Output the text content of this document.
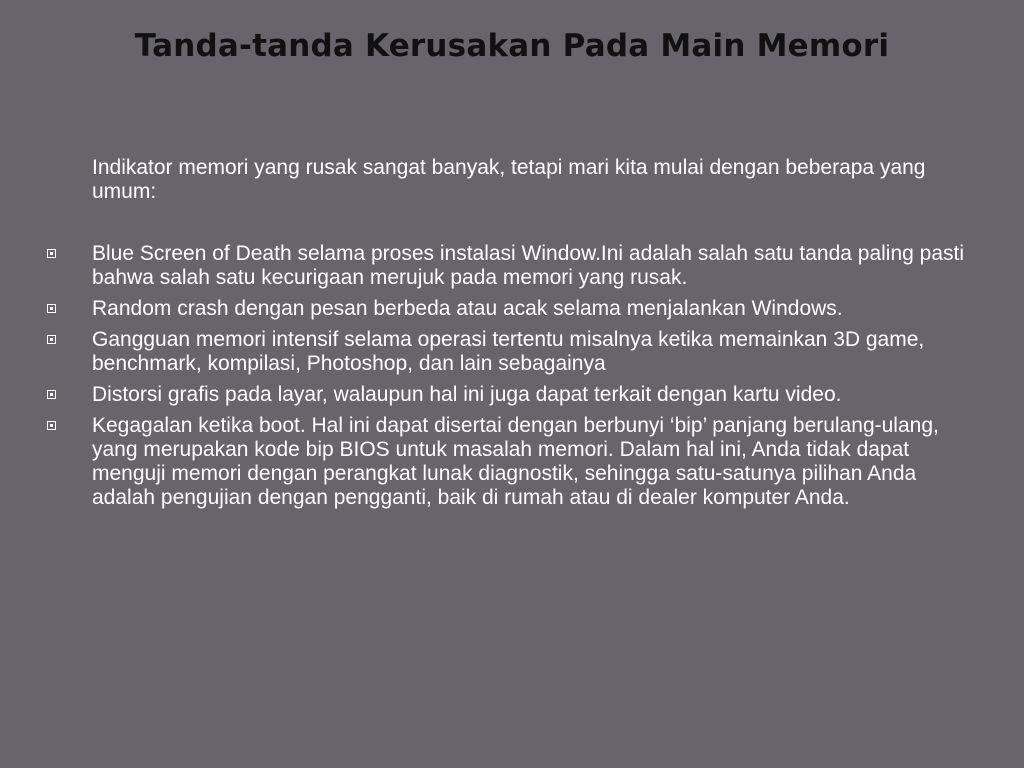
Tanda-tanda Kerusakan Pada Main Memori

Indikator memori yang rusak sangat banyak, tetapi mari kita mulai dengan beberapa yang umum:

Blue Screen of Death selama proses instalasi Window.Ini adalah salah satu tanda paling pasti bahwa salah satu kecurigaan merujuk pada memori yang rusak.
Random crash dengan pesan berbeda atau acak selama menjalankan Windows.
Gangguan memori intensif selama operasi tertentu misalnya ketika memainkan 3D game, benchmark, kompilasi, Photoshop, dan lain sebagainya
Distorsi grafis pada layar, walaupun hal ini juga dapat terkait dengan kartu video.
Kegagalan ketika boot. Hal ini dapat disertai dengan berbunyi ‘bip’ panjang berulang-ulang, yang merupakan kode bip BIOS untuk masalah memori. Dalam hal ini, Anda tidak dapat menguji memori dengan perangkat lunak diagnostik, sehingga satu-satunya pilihan Anda adalah pengujian dengan pengganti, baik di rumah atau di dealer komputer Anda.
